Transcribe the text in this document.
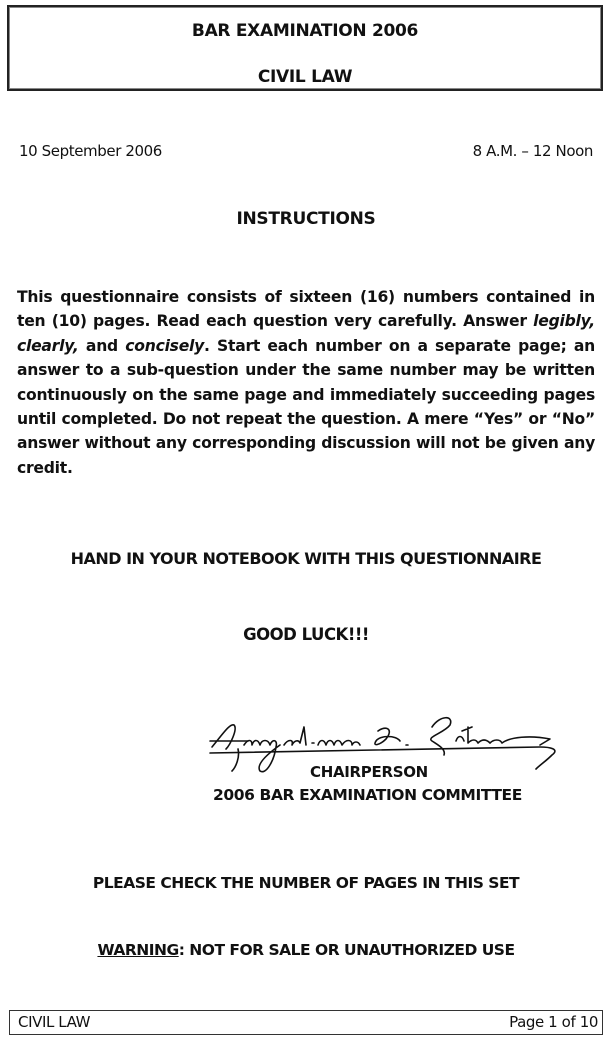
BAR EXAMINATION 2006
CIVIL LAW
10 September 2006	8 A.M. – 12 Noon
INSTRUCTIONS
This questionnaire consists of sixteen (16) numbers contained in ten (10) pages. Read each question very carefully. Answer legibly, clearly, and concisely. Start each number on a separate page; an answer to a sub-question under the same number may be written continuously on the same page and immediately succeeding pages until completed. Do not repeat the question. A mere “Yes” or “No” answer without any corresponding discussion will not be given any credit.
HAND IN YOUR NOTEBOOK WITH THIS QUESTIONNAIRE
GOOD LUCK!!!
CHAIRPERSON
2006 BAR EXAMINATION COMMITTEE
PLEASE CHECK THE NUMBER OF PAGES IN THIS SET
WARNING: NOT FOR SALE OR UNAUTHORIZED USE
CIVIL LAW	Page 1 of 10
